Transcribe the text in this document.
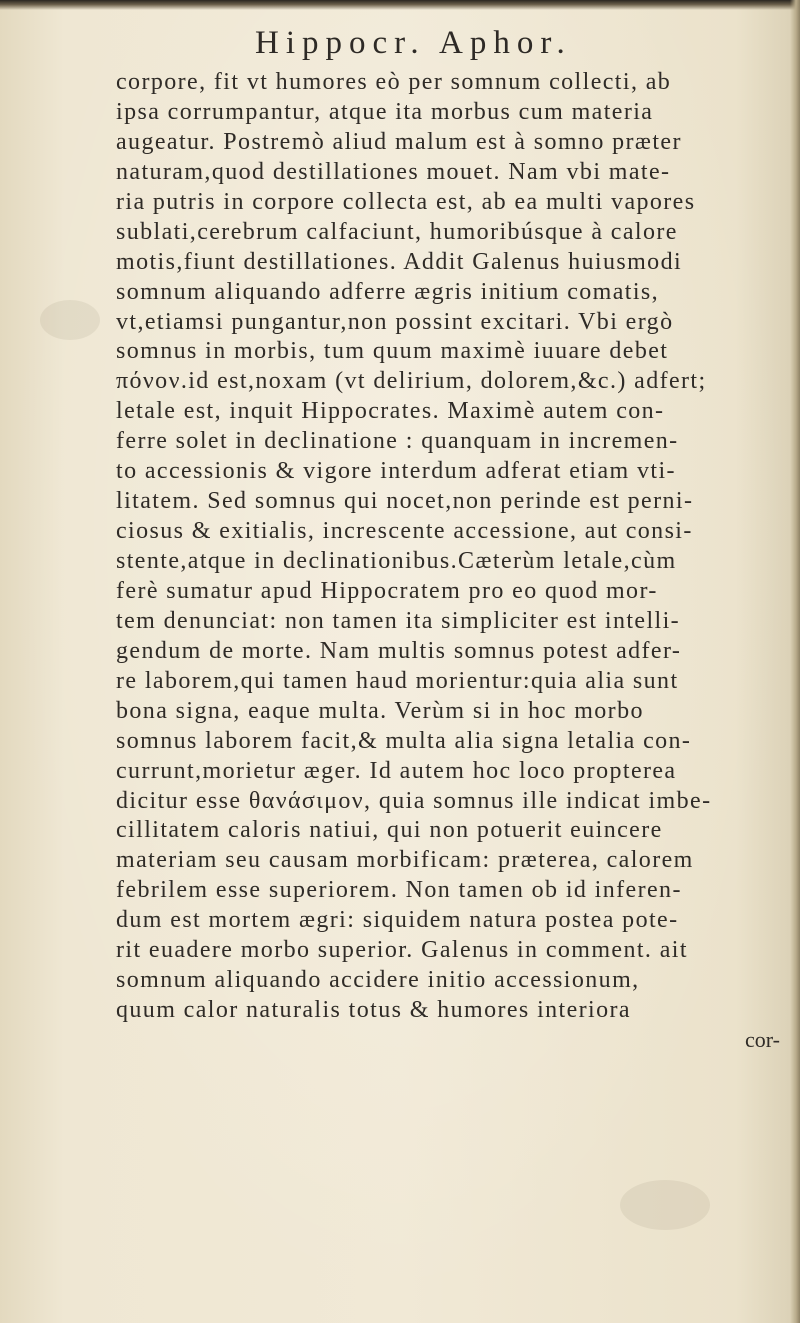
Hippocr. Aphor.
corpore, fit vt humores eò per somnum collecti, ab
ipsa corrumpantur, atque ita morbus cum materia
augeatur. Postremò aliud malum est à somno præter
naturam,quod destillationes mouet. Nam vbi mate-
ria putris in corpore collecta est, ab ea multi vapores
sublati,cerebrum calfaciunt, humoribúsque à calore
motis,fiunt destillationes. Addit Galenus huiusmodi
somnum aliquando adferre ægris initium comatis,
vt,etiamsi pungantur,non possint excitari. Vbi ergò
somnus in morbis, tum quum maximè iuuare debet
πόνον.id est,noxam (vt delirium, dolorem,&c.) adfert;
letale est, inquit Hippocrates. Maximè autem con-
ferre solet in declinatione : quanquam in incremen-
to accessionis & vigore interdum adferat etiam vti-
litatem. Sed somnus qui nocet,non perinde est perni-
ciosus & exitialis, increscente accessione, aut consi-
stente,atque in declinationibus.Cæterùm letale,cùm
ferè sumatur apud Hippocratem pro eo quod mor-
tem denunciat: non tamen ita simpliciter est intelli-
gendum de morte. Nam multis somnus potest adfer-
re laborem,qui tamen haud morientur:quia alia sunt
bona signa, eaque multa. Verùm si in hoc morbo
somnus laborem facit,& multa alia signa letalia con-
currunt,morietur æger. Id autem hoc loco propterea
dicitur esse θανάσιμον, quia somnus ille indicat imbe-
cillitatem caloris natiui, qui non potuerit euincere
materiam seu causam morbificam: præterea, calorem
febrilem esse superiorem. Non tamen ob id inferen-
dum est mortem ægri: siquidem natura postea pote-
rit euadere morbo superior. Galenus in comment. ait
somnum aliquando accidere initio accessionum,
quum calor naturalis totus & humores interiora
cor-
